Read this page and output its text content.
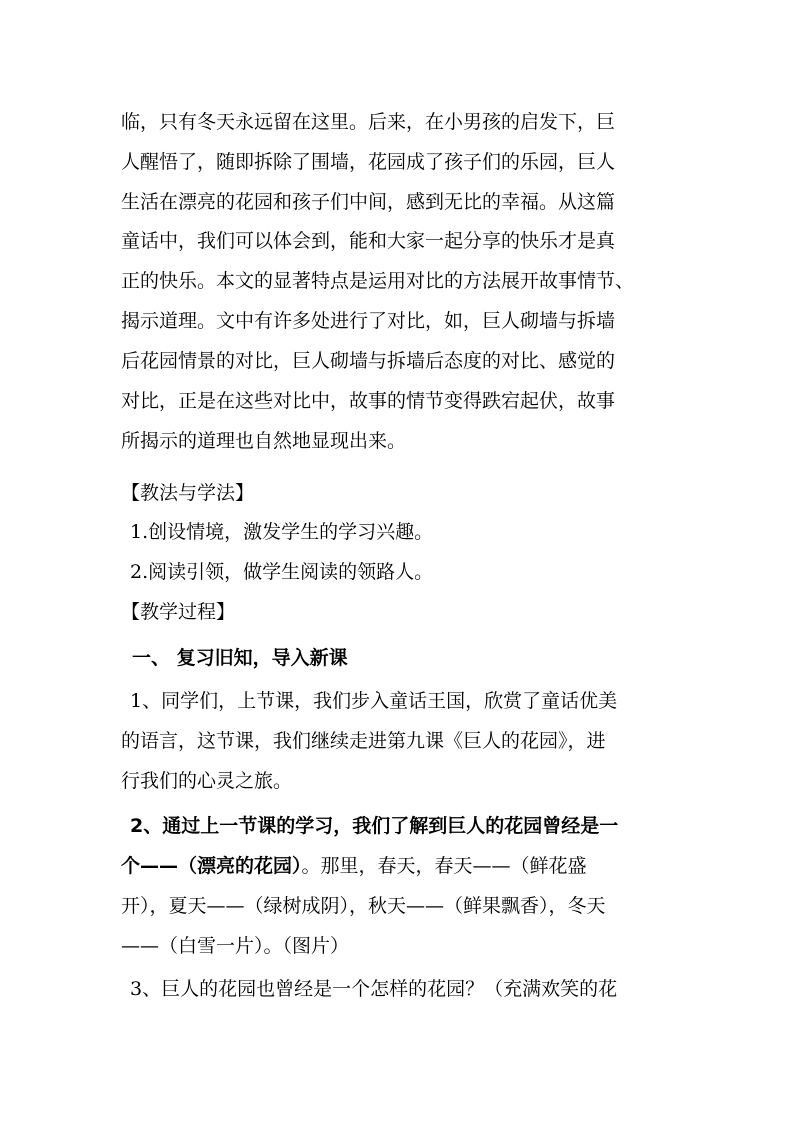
临，只有冬天永远留在这里。后来，在小男孩的启发下，巨
人醒悟了，随即拆除了围墙，花园成了孩子们的乐园，巨人
生活在漂亮的花园和孩子们中间，感到无比的幸福。从这篇
童话中，我们可以体会到，能和大家一起分享的快乐才是真
正的快乐。本文的显著特点是运用对比的方法展开故事情节、
揭示道理。文中有许多处进行了对比，如，巨人砌墙与拆墙
后花园情景的对比，巨人砌墙与拆墙后态度的对比、感觉的
对比，正是在这些对比中，故事的情节变得跌宕起伏，故事
所揭示的道理也自然地显现出来。
【教法与学法】
1.创设情境，激发学生的学习兴趣。
2.阅读引领，做学生阅读的领路人。
【教学过程】
一、 复习旧知，导入新课
1、同学们，上节课，我们步入童话王国，欣赏了童话优美
的语言，这节课，我们继续走进第九课《巨人的花园》，进
行我们的心灵之旅。
2、通过上一节课的学习，我们了解到巨人的花园曾经是一
个——（漂亮的花园）。那里，春天，春天——（鲜花盛
开），夏天——（绿树成阴），秋天——（鲜果飘香），冬天
——（白雪一片）。（图片）
3、巨人的花园也曾经是一个怎样的花园？（充满欢笑的花
